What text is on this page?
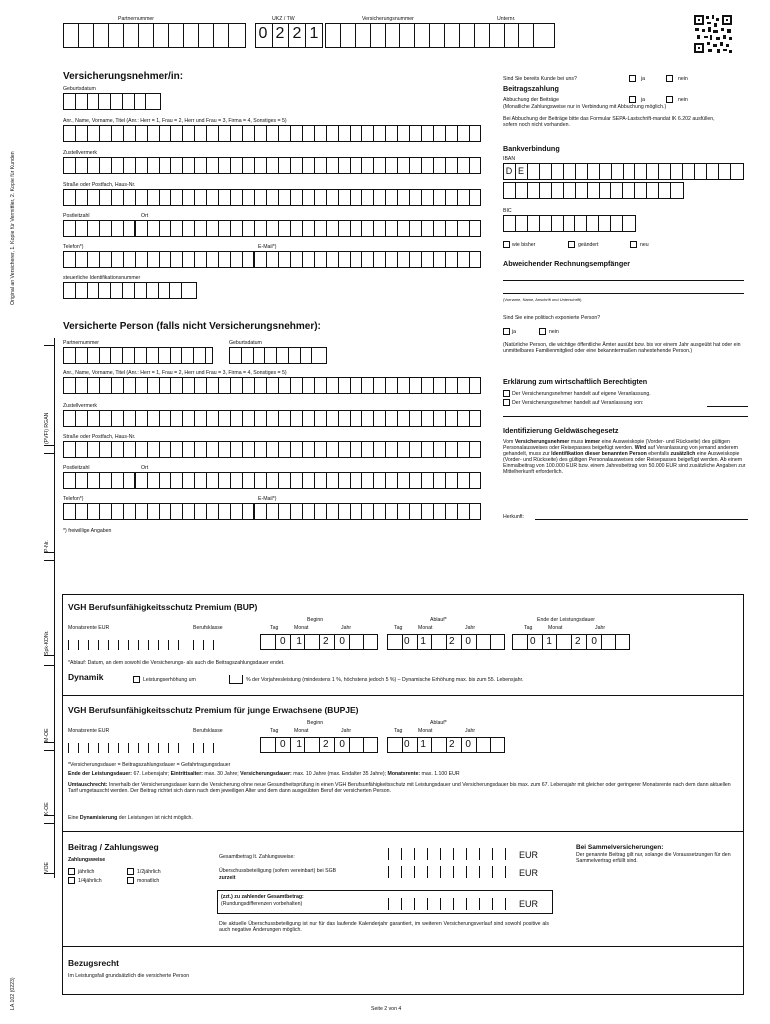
Original an Versicherer, 1. Kopie für Vermittler, 2. Kopie für Kunden
LA 102 (0223)
VOE
K-OE
M-OE
Spk-KDNr.
P-Nr.
(PVFI) RGAN
Partnernummer	UKZ / TW	Versicherungsnummer	Unternr.
0 2 2 1
Versicherungsnehmer/in:
Geburtsdatum
Anr., Name, Vorname, Titel (Anr.: Herr = 1, Frau = 2, Herr und Frau = 3, Firma = 4, Sonstiges = 5)
Zustellvermerk
Straße oder Postfach, Haus-Nr.
Postleitzahl	Ort
Telefon*)	E-Mail*)
steuerliche Identifikationsnummer
Sind Sie bereits Kunde bei uns?	ja	nein
Beitragszahlung
Abbuchung der Beiträge	ja	nein
(Monatliche Zahlungsweise nur in Verbindung mit Abbuchung möglich.)
Bei Abbuchung der Beiträge bitte das Formular SEPA-Lastschrift-mandat IK 6.202 ausfüllen, sofern noch nicht vorhanden.
Bankverbindung
IBAN
D E
BIC
wie bisher	geändert	neu
Abweichender Rechnungsempfänger
(Vorname, Name, Anschrift und Unterschrift)
Sind Sie eine politisch exponierte Person?
ja	nein
(Natürliche Person, die wichtige öffentliche Ämter ausübt bzw. bis vor einem Jahr ausgeübt hat oder ein unmittelbares Familienmitglied oder eine bekanntermaßen nahestehende Person.)
Erklärung zum wirtschaftlich Berechtigten
Der Versicherungsnehmer handelt auf eigene Veranlassung.
Der Versicherungsnehmer handelt auf Veranlassung von:
Identifizierung Geldwäschegesetz
Vom Versicherungsnehmer muss immer eine Ausweiskopie (Vorder- und Rückseite) des gültigen Personalausweises oder Reisepasses beigefügt werden. Wird auf Veranlassung von jemand anderem gehandelt, muss zur Identifikation dieser benannten Person ebenfalls zusätzlich eine Ausweiskopie (Vorder- und Rückseite) des gültigen Personalausweises oder Reisepasses beigefügt werden. Ab einem Einmalbeitrag von 100.000 EUR bzw. einem Jahresbeitrag von 50.000 EUR sind zusätzliche Angaben zur Mittelherkunft erforderlich.
Herkunft:
Versicherte Person (falls nicht Versicherungsnehmer):
Partnernummer	Geburtsdatum
Anr., Name, Vorname, Titel (Anr.: Herr = 1, Frau = 2, Herr und Frau = 3, Firma = 4, Sonstiges = 5)
Zustellvermerk
Straße oder Postfach, Haus-Nr.
Postleitzahl	Ort
Telefon*)	E-Mail*)
*) freiwillige Angaben
VGH Berufsunfähigkeitsschutz Premium (BUP)
Monatsrente EUR	Berufsklasse
Beginn	Ablauf*	Ende der Leistungsdauer
Tag	Monat	Jahr	Tag	Monat	Jahr	Tag	Monat	Jahr
0 1 2 0	0 1 2 0	0 1 2 0
*Ablauf: Datum, an dem sowohl die Versicherungs- als auch die Beitragszahlungsdauer endet.
Dynamik	Leistungserhöhung um	% der Vorjahresleistung (mindestens 1 %, höchstens jedoch 5 %) – Dynamische Erhöhung max. bis zum 55. Lebensjahr.
VGH Berufsunfähigkeitsschutz Premium für junge Erwachsene (BUPJE)
Monatsrente EUR	Berufsklasse
Beginn	Ablauf*
Tag	Monat	Jahr	Tag	Monat	Jahr
0 1 2 0	0 1 2 0
*Versicherungsdauer = Beitragszahlungsdauer = Gefahrtragungsdauer
Ende der Leistungsdauer: 67. Lebensjahr; Eintrittsalter: max. 30 Jahre; Versicherungsdauer: max. 10 Jahre (max. Endalter 35 Jahre); Monatsrente: max. 1.100 EUR
Umtauschrecht: Innerhalb der Versicherungsdauer kann die Versicherung ohne neue Gesundheitsprüfung in einen VGH Berufsunfähigkeitsschutz mit Leistungsdauer und Versicherungsdauer bis max. zum 67. Lebensjahr mit gleicher oder geringerer Monatsrente nach dem dann aktuellen Tarif umgetauscht werden. Der Beitrag richtet sich dann nach dem jeweiligen Alter und dem dann ausgeübten Beruf der versicherten Person.
Eine Dynamisierung der Leistungen ist nicht möglich.
Beitrag / Zahlungsweg
Zahlungsweise
jährlich	1/2jährlich
1/4jährlich	monatlich
Gesamtbetrag lt. Zahlungsweise:	EUR
Überschussbeteiligung (sofern vereinbart) bei SGB
zurzeit	EUR
(zzt.) zu zahlender Gesamtbetrag:
(Rundungsdifferenzen vorbehalten)	EUR
Bei Sammelversicherungen:
Der genannte Beitrag gilt nur, solange die Voraussetzungen für den Sammelvertrag erfüllt sind.
Die aktuelle Überschussbeteiligung ist nur für das laufende Kalenderjahr garantiert, im weiteren Versicherungsverlauf sind sowohl positive als auch negative Änderungen möglich.
Bezugsrecht
Im Leistungsfall grundsätzlich die versicherte Person
Seite 2 von 4
